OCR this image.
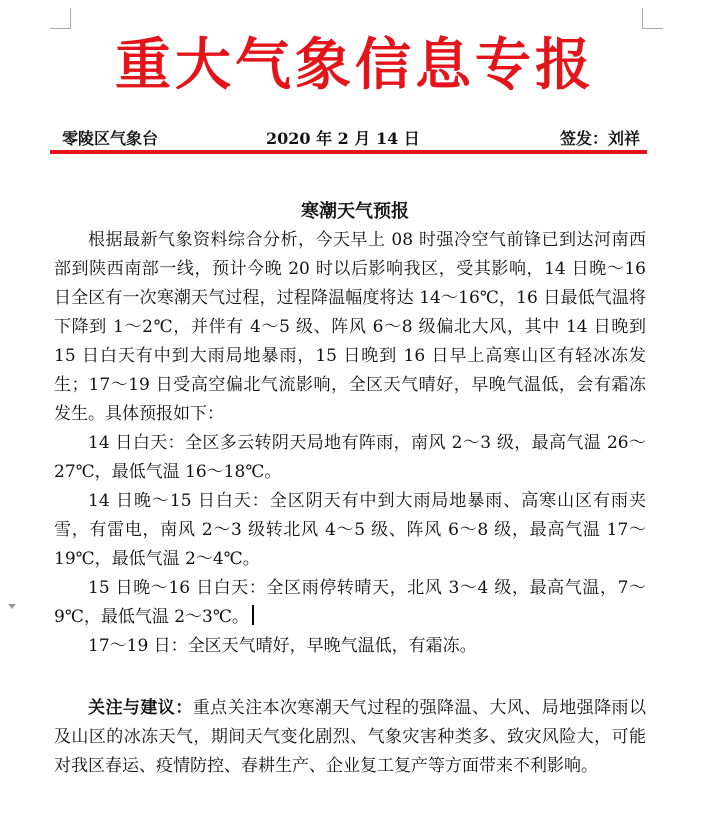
重大气象信息专报
零陵区气象台	2020 年 2 月 14 日	签发：刘祥
寒潮天气预报

根据最新气象资料综合分析，今天早上 08 时强冷空气前锋已到达河南西部到陕西南部一线，预计今晚 20 时以后影响我区，受其影响，14 日晚～16 日全区有一次寒潮天气过程，过程降温幅度将达 14～16℃，16 日最低气温将下降到 1～2℃，并伴有 4～5 级、阵风 6～8 级偏北大风，其中 14 日晚到 15 日白天有中到大雨局地暴雨，15 日晚到 16 日早上高寒山区有轻冰冻发生；17～19 日受高空偏北气流影响，全区天气晴好，早晚气温低，会有霜冻发生。具体预报如下：

14 日白天：全区多云转阴天局地有阵雨，南风 2～3 级，最高气温 26～27℃，最低气温 16～18℃。

14 日晚～15 日白天：全区阴天有中到大雨局地暴雨、高寒山区有雨夹雪，有雷电，南风 2～3 级转北风 4～5 级、阵风 6～8 级，最高气温 17～19℃，最低气温 2～4℃。

15 日晚～16 日白天：全区雨停转晴天，北风 3～4 级，最高气温，7～9℃，最低气温 2～3℃。

17～19 日：全区天气晴好，早晚气温低，有霜冻。

关注与建议：重点关注本次寒潮天气过程的强降温、大风、局地强降雨以及山区的冰冻天气，期间天气变化剧烈、气象灾害种类多、致灾风险大，可能对我区春运、疫情防控、春耕生产、企业复工复产等方面带来不利影响。
